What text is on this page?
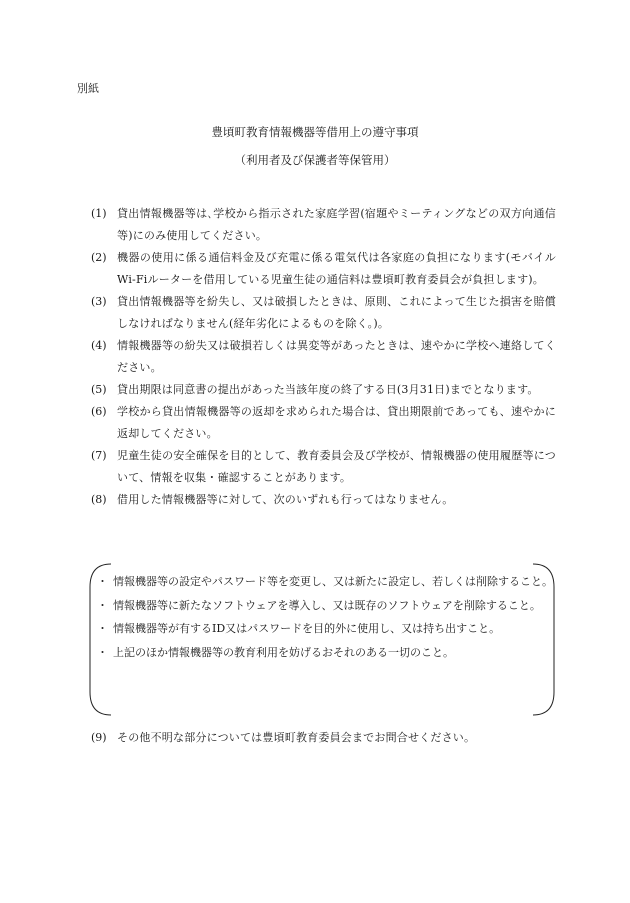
別紙
豊頃町教育情報機器等借用上の遵守事項
（利用者及び保護者等保管用）
(1) 貸出情報機器等は､学校から指示された家庭学習(宿題やミーティングなどの双方向通信等)にのみ使用してください。
(2) 機器の使用に係る通信料金及び充電に係る電気代は各家庭の負担になります(モバイルWi-Fiルーターを借用している児童生徒の通信料は豊頃町教育委員会が負担します)。
(3) 貸出情報機器等を紛失し、又は破損したときは、原則、これによって生じた損害を賠償しなければなりません(経年劣化によるものを除く。)。
(4) 情報機器等の紛失又は破損若しくは異変等があったときは、速やかに学校へ連絡してください。
(5) 貸出期限は同意書の提出があった当該年度の終了する日(3月31日)までとなります。
(6) 学校から貸出情報機器等の返却を求められた場合は、貸出期限前であっても、速やかに返却してください。
(7) 児童生徒の安全確保を目的として、教育委員会及び学校が、情報機器の使用履歴等について、情報を収集・確認することがあります。
(8) 借用した情報機器等に対して、次のいずれも行ってはなりません。
・ 情報機器等の設定やパスワード等を変更し、又は新たに設定し、若しくは削除すること。
・ 情報機器等に新たなソフトウェアを導入し、又は既存のソフトウェアを削除すること。
・ 情報機器等が有するID又はパスワードを目的外に使用し、又は持ち出すこと。
・ 上記のほか情報機器等の教育利用を妨げるおそれのある一切のこと。
(9) その他不明な部分については豊頃町教育委員会までお問合せください。
